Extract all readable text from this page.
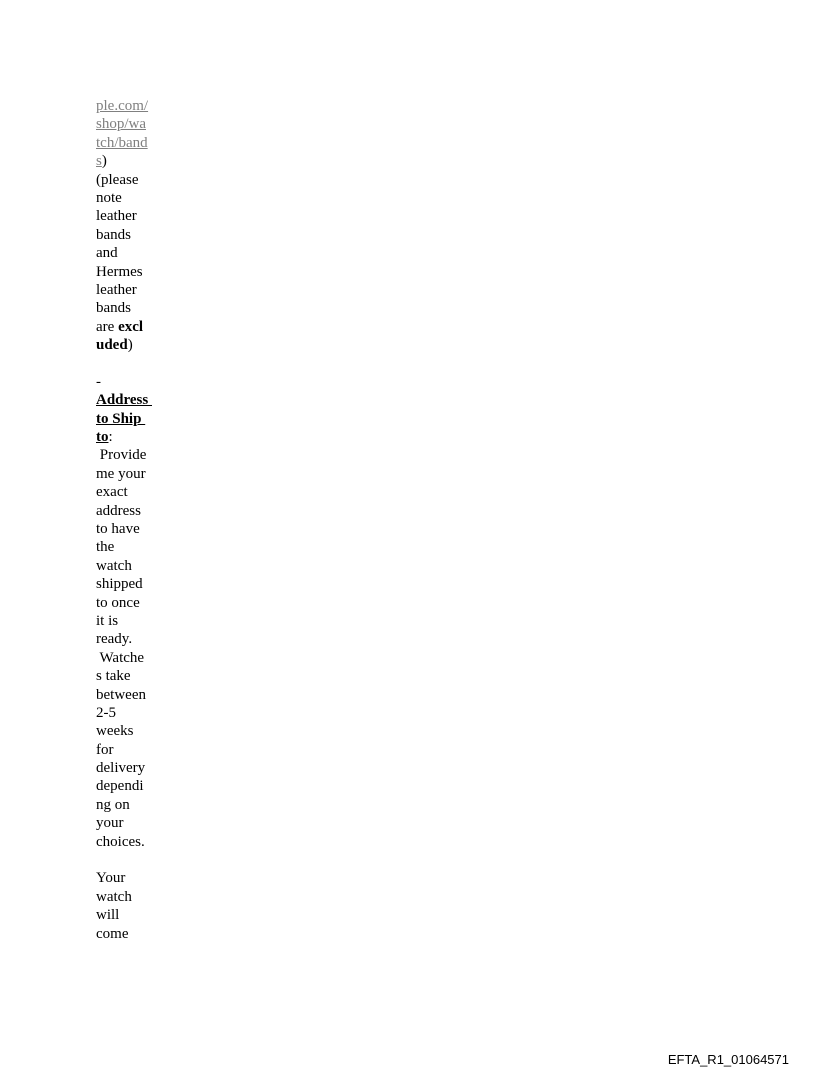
ple.com/
shop/wa
tch/band
s)
(please
note
leather
bands
and
Hermes
leather
bands
are excl
uded)
-
Address
to Ship
to:
Provide
me your
exact
address
to have
the
watch
shipped
to once
it is
ready.
Watche
s take
between
2-5
weeks
for
delivery
dependi
ng on
your
choices.
Your
watch
will
come
EFTA_R1_01064571
